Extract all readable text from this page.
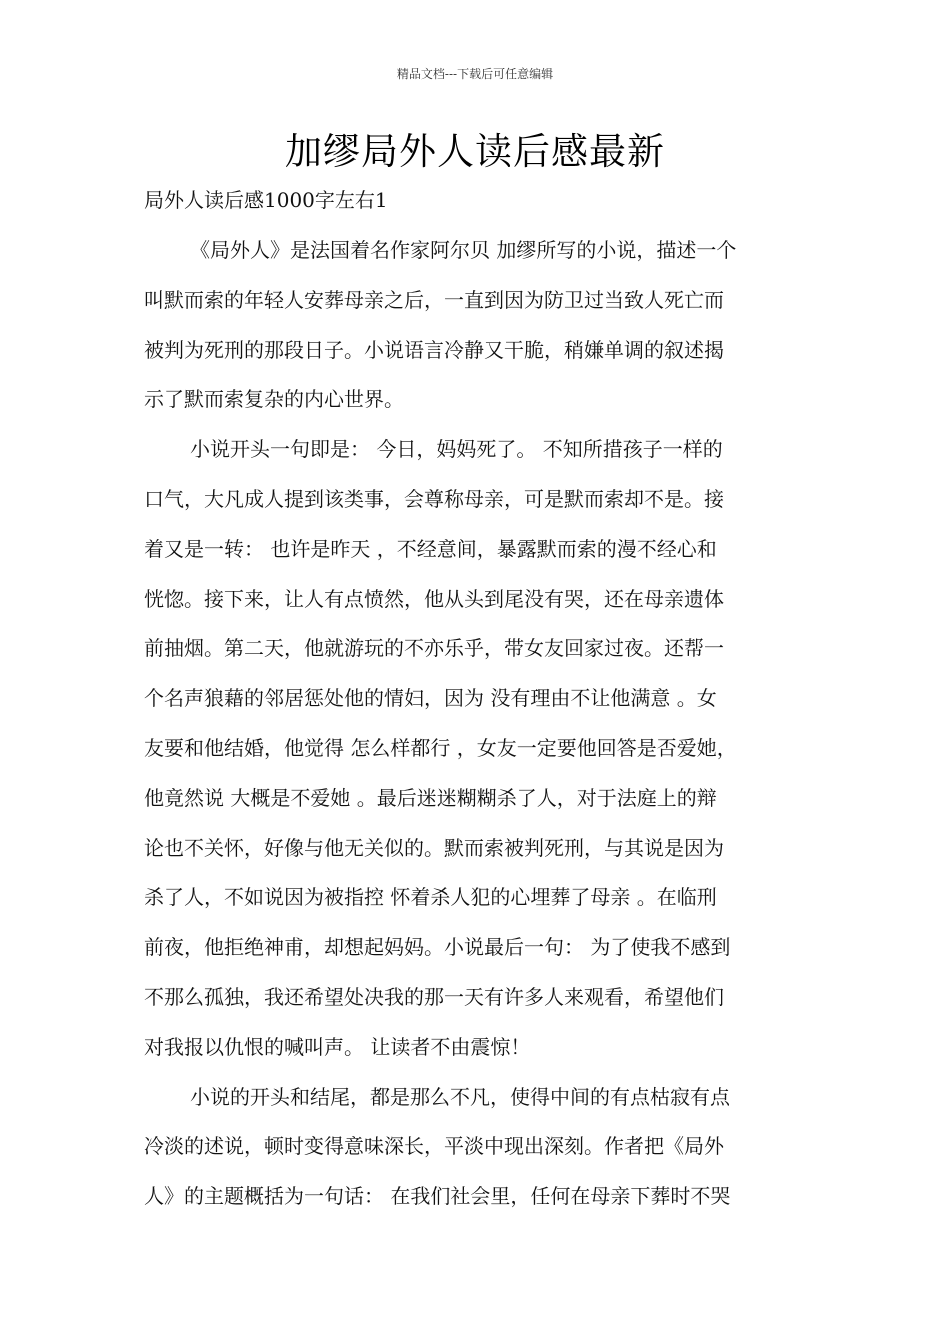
精品文档---下载后可任意编辑
加缪局外人读后感最新
局外人读后感1000字左右1

《局外人》是法国着名作家阿尔贝 加缪所写的小说，描述一个
叫默而索的年轻人安葬母亲之后，一直到因为防卫过当致人死亡而
被判为死刑的那段日子。小说语言冷静又干脆，稍嫌单调的叙述揭
示了默而索复杂的内心世界。

小说开头一句即是： 今日，妈妈死了。 不知所措孩子一样的
口气，大凡成人提到该类事，会尊称母亲，可是默而索却不是。接
着又是一转： 也许是昨天 ，不经意间，暴露默而索的漫不经心和
恍惚。接下来，让人有点愤然，他从头到尾没有哭，还在母亲遗体
前抽烟。第二天，他就游玩的不亦乐乎，带女友回家过夜。还帮一
个名声狼藉的邻居惩处他的情妇，因为 没有理由不让他满意 。女
友要和他结婚，他觉得 怎么样都行 ，女友一定要他回答是否爱她，
他竟然说 大概是不爱她 。最后迷迷糊糊杀了人，对于法庭上的辩
论也不关怀，好像与他无关似的。默而索被判死刑，与其说是因为
杀了人，不如说因为被指控 怀着杀人犯的心埋葬了母亲 。在临刑
前夜，他拒绝神甫，却想起妈妈。小说最后一句： 为了使我不感到
不那么孤独，我还希望处决我的那一天有许多人来观看，希望他们
对我报以仇恨的喊叫声。 让读者不由震惊！

小说的开头和结尾，都是那么不凡，使得中间的有点枯寂有点
冷淡的述说，顿时变得意味深长，平淡中现出深刻。作者把《局外
人》的主题概括为一句话： 在我们社会里，任何在母亲下葬时不哭
